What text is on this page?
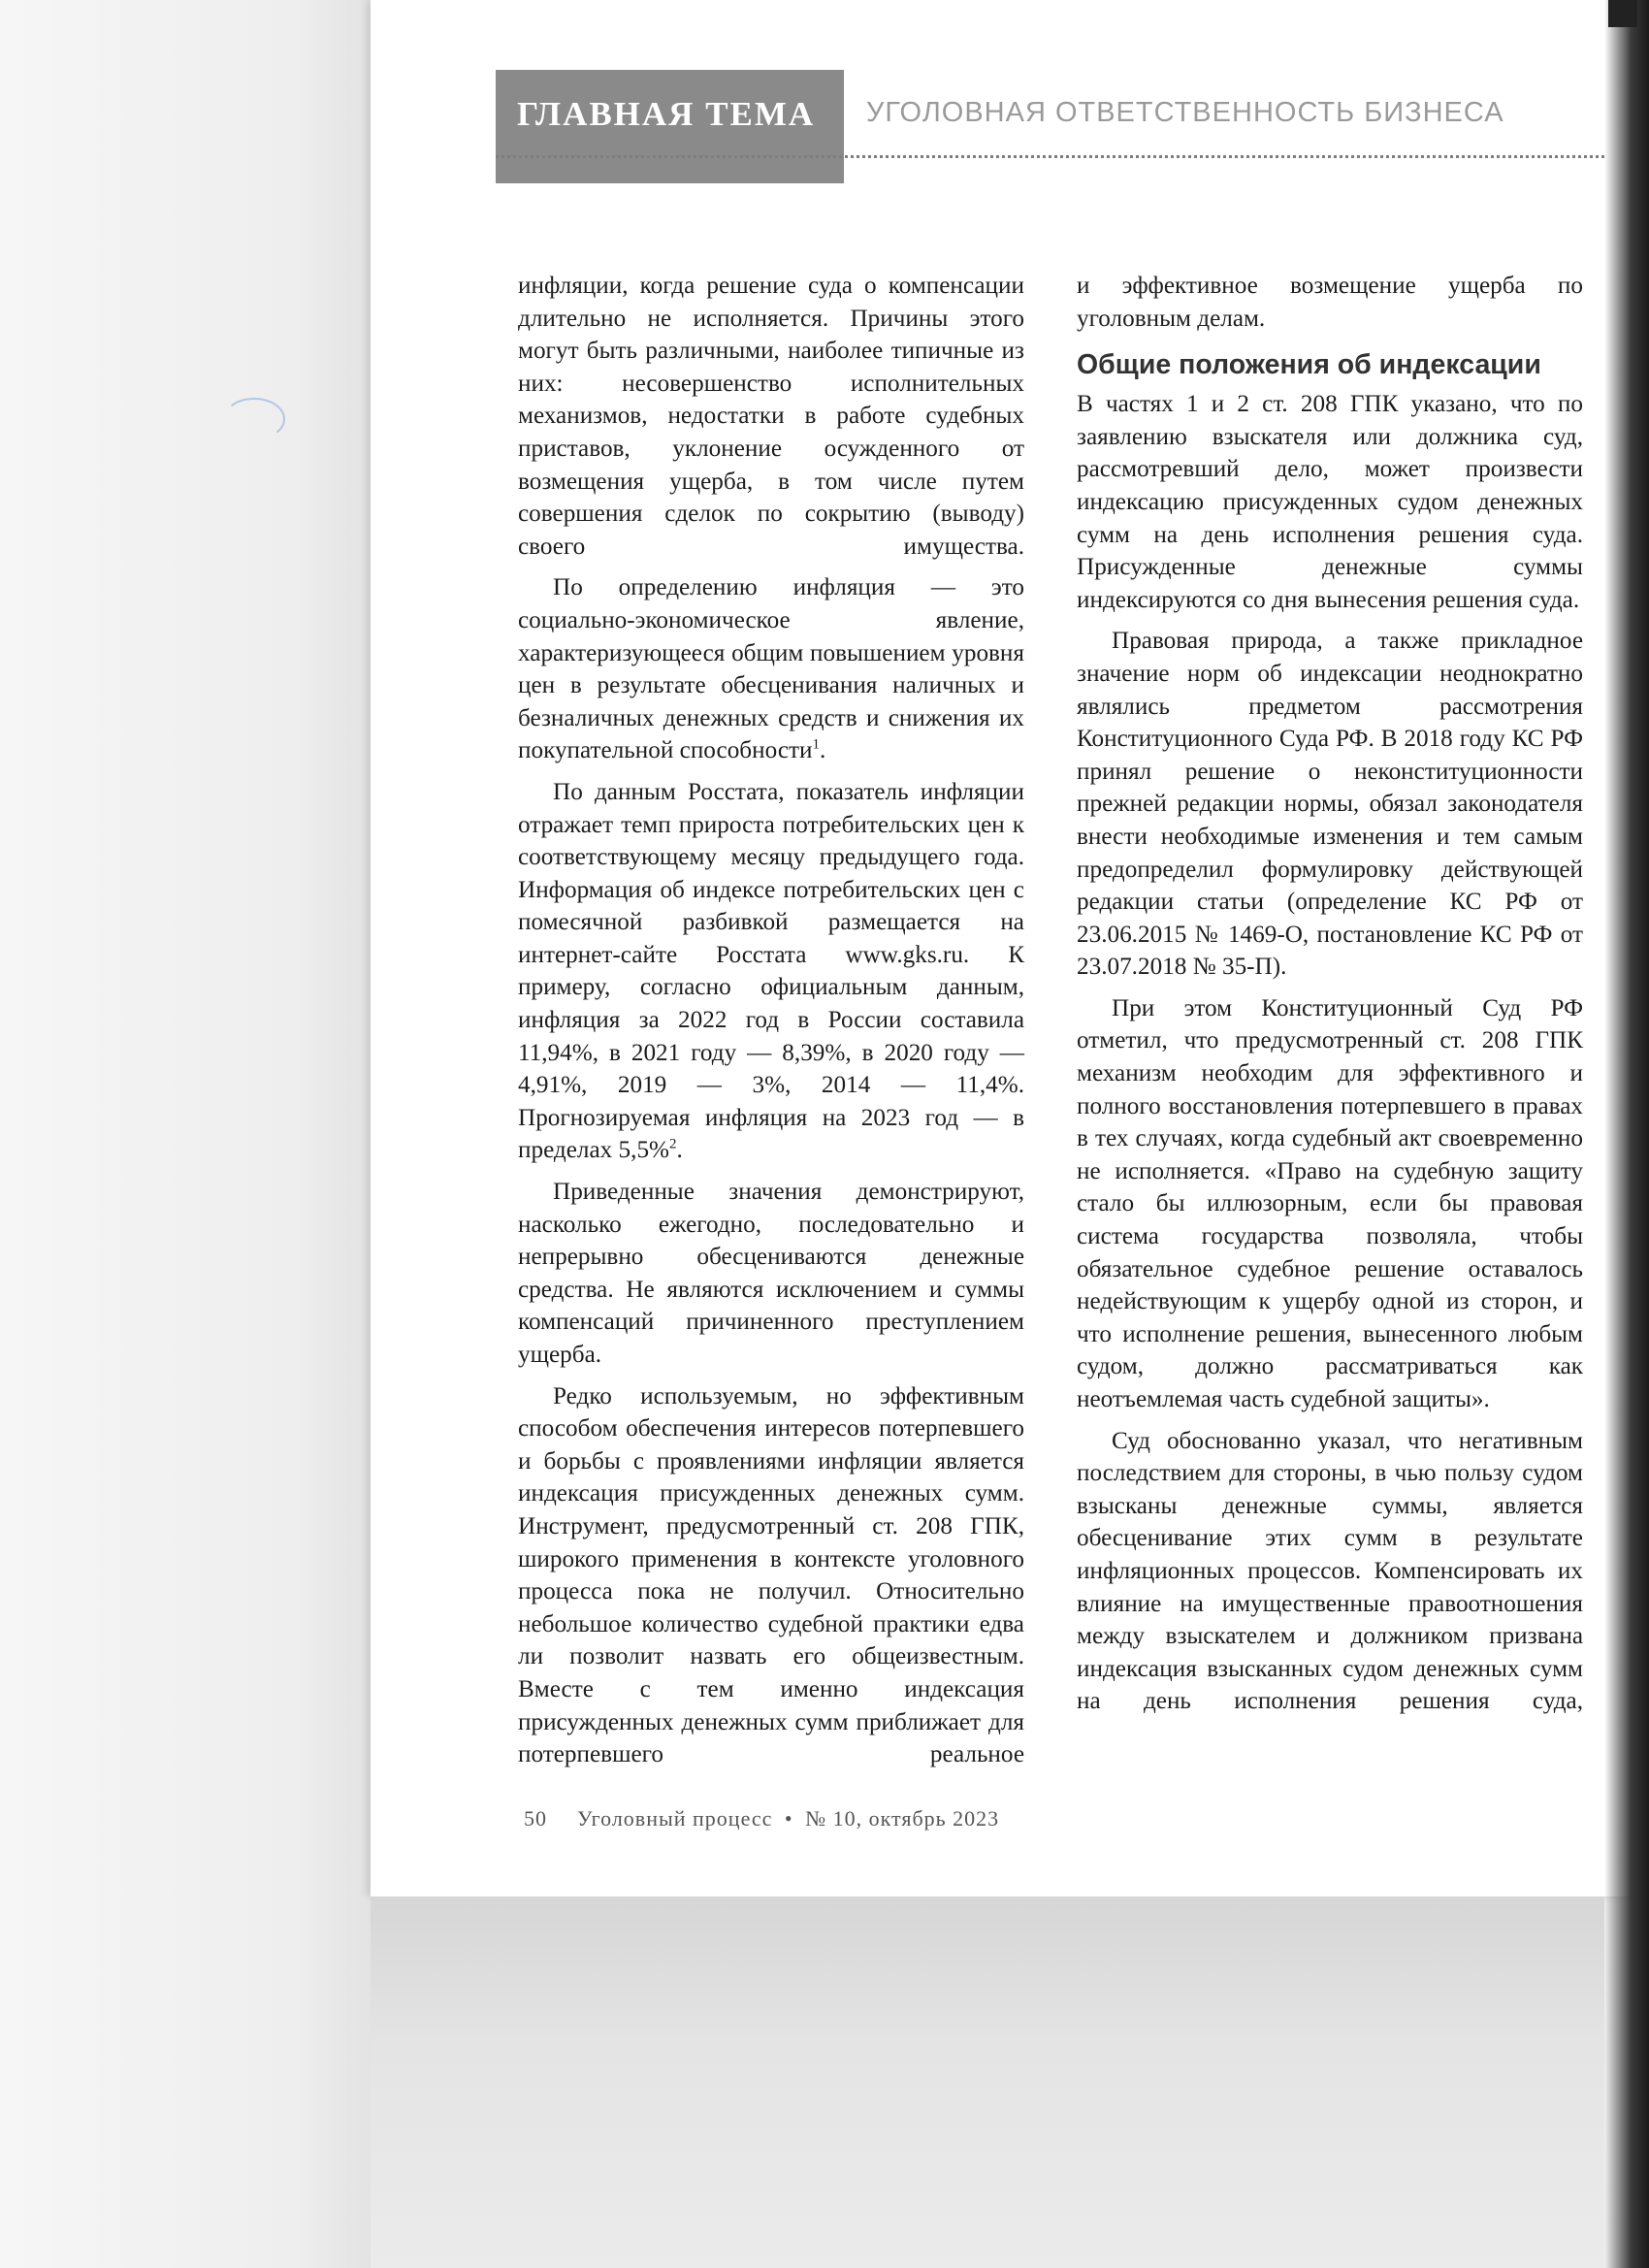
ГЛАВНАЯ ТЕМА УГОЛОВНАЯ ОТВЕТСТВЕННОСТЬ БИЗНЕСА

инфляции, когда решение суда о компенсации длительно не исполняется. Причины этого могут быть различными, наиболее типичные из них: несовершенство исполнительных механизмов, недостатки в работе судебных приставов, уклонение осужденного от возмещения ущерба, в том числе путем совершения сделок по сокрытию (выводу) своего имущества.

По определению инфляция — это социально-экономическое явление, характеризующееся общим повышением уровня цен в результате обесценивания наличных и безналичных денежных средств и снижения их покупательной способности$^1$.

По данным Росстата, показатель инфляции отражает темп прироста потребительских цен к соответствующему месяцу предыдущего года. Информация об индексе потребительских цен с помесячной разбивкой размещается на интернет-сайте Росстата www.gks.ru. К примеру, согласно официальным данным, инфляция за 2022 год в России составила 11,94%, в 2021 году — 8,39%, в 2020 году — 4,91%, 2019 — 3%, 2014 — 11,4%. Прогнозируемая инфляция на 2023 год — в пределах 5,5%$^2$.

Приведенные значения демонстрируют, насколько ежегодно, последовательно и непрерывно обесцениваются денежные средства. Не являются исключением и суммы компенсаций причиненного преступлением ущерба.

Редко используемым, но эффективным способом обеспечения интересов потерпевшего и борьбы с проявлениями инфляции является индексация присужденных денежных сумм. Инструмент, предусмотренный ст. 208 ГПК, широкого применения в контексте уголовного процесса пока не получил. Относительно небольшое количество судебной практики едва ли позволит назвать его общеизвестным. Вместе с тем именно индексация присужденных денежных сумм приближает для потерпевшего реальное

и эффективное возмещение ущерба по уголовным делам.

Общие положения об индексации

В частях 1 и 2 ст. 208 ГПК указано, что по заявлению взыскателя или должника суд, рассмотревший дело, может произвести индексацию присужденных судом денежных сумм на день исполнения решения суда. Присужденные денежные суммы индексируются со дня вынесения решения суда.

Правовая природа, а также прикладное значение норм об индексации неоднократно являлись предметом рассмотрения Конституционного Суда РФ. В 2018 году КС РФ принял решение о неконституционности прежней редакции нормы, обязал законодателя внести необходимые изменения и тем самым предопределил формулировку действующей редакции статьи (определение КС РФ от 23.06.2015 № 1469-О, постановление КС РФ от 23.07.2018 № 35-П).

При этом Конституционный Суд РФ отметил, что предусмотренный ст. 208 ГПК механизм необходим для эффективного и полного восстановления потерпевшего в правах в тех случаях, когда судебный акт своевременно не исполняется. «Право на судебную защиту стало бы иллюзорным, если бы правовая система государства позволяла, чтобы обязательное судебное решение оставалось недействующим к ущербу одной из сторон, и что исполнение решения, вынесенного любым судом, должно рассматриваться как неотъемлемая часть судебной защиты».

Суд обоснованно указал, что негативным последствием для стороны, в чью пользу судом взысканы денежные суммы, является обесценивание этих сумм в результате инфляционных процессов. Компенсировать их влияние на имущественные правоотношения между взыскателем и должником призвана индексация взысканных судом денежных сумм на день исполнения решения суда,

50 Уголовный процесс • № 10, октябрь 2023
